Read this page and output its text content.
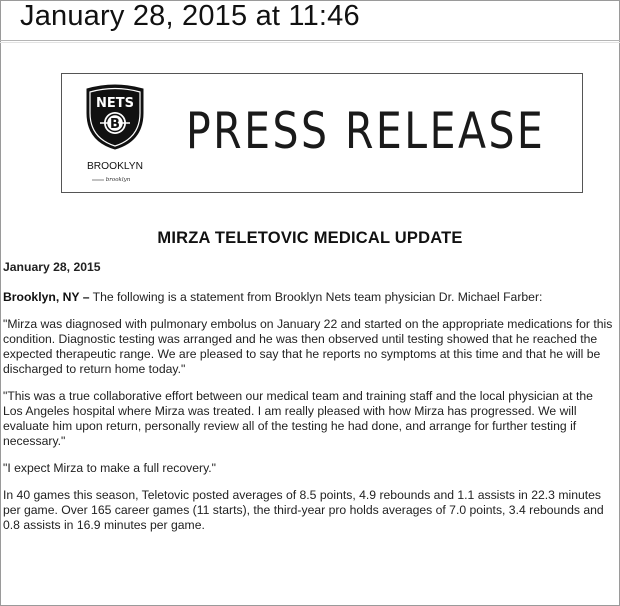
January 28, 2015 at 11:46
NETS
B
BROOKLYN
brooklyn
PRESS RELEASE
MIRZA TELETOVIC MEDICAL UPDATE

January 28, 2015

Brooklyn, NY – The following is a statement from Brooklyn Nets team physician Dr. Michael Farber:

"Mirza was diagnosed with pulmonary embolus on January 22 and started on the appropriate medications for this condition. Diagnostic testing was arranged and he was then observed until testing showed that he reached the expected therapeutic range. We are pleased to say that he reports no symptoms at this time and that he will be discharged to return home today."

"This was a true collaborative effort between our medical team and training staff and the local physician at the Los Angeles hospital where Mirza was treated. I am really pleased with how Mirza has progressed. We will evaluate him upon return, personally review all of the testing he had done, and arrange for further testing if necessary."

"I expect Mirza to make a full recovery."

In 40 games this season, Teletovic posted averages of 8.5 points, 4.9 rebounds and 1.1 assists in 22.3 minutes per game. Over 165 career games (11 starts), the third-year pro holds averages of 7.0 points, 3.4 rebounds and 0.8 assists in 16.9 minutes per game.
